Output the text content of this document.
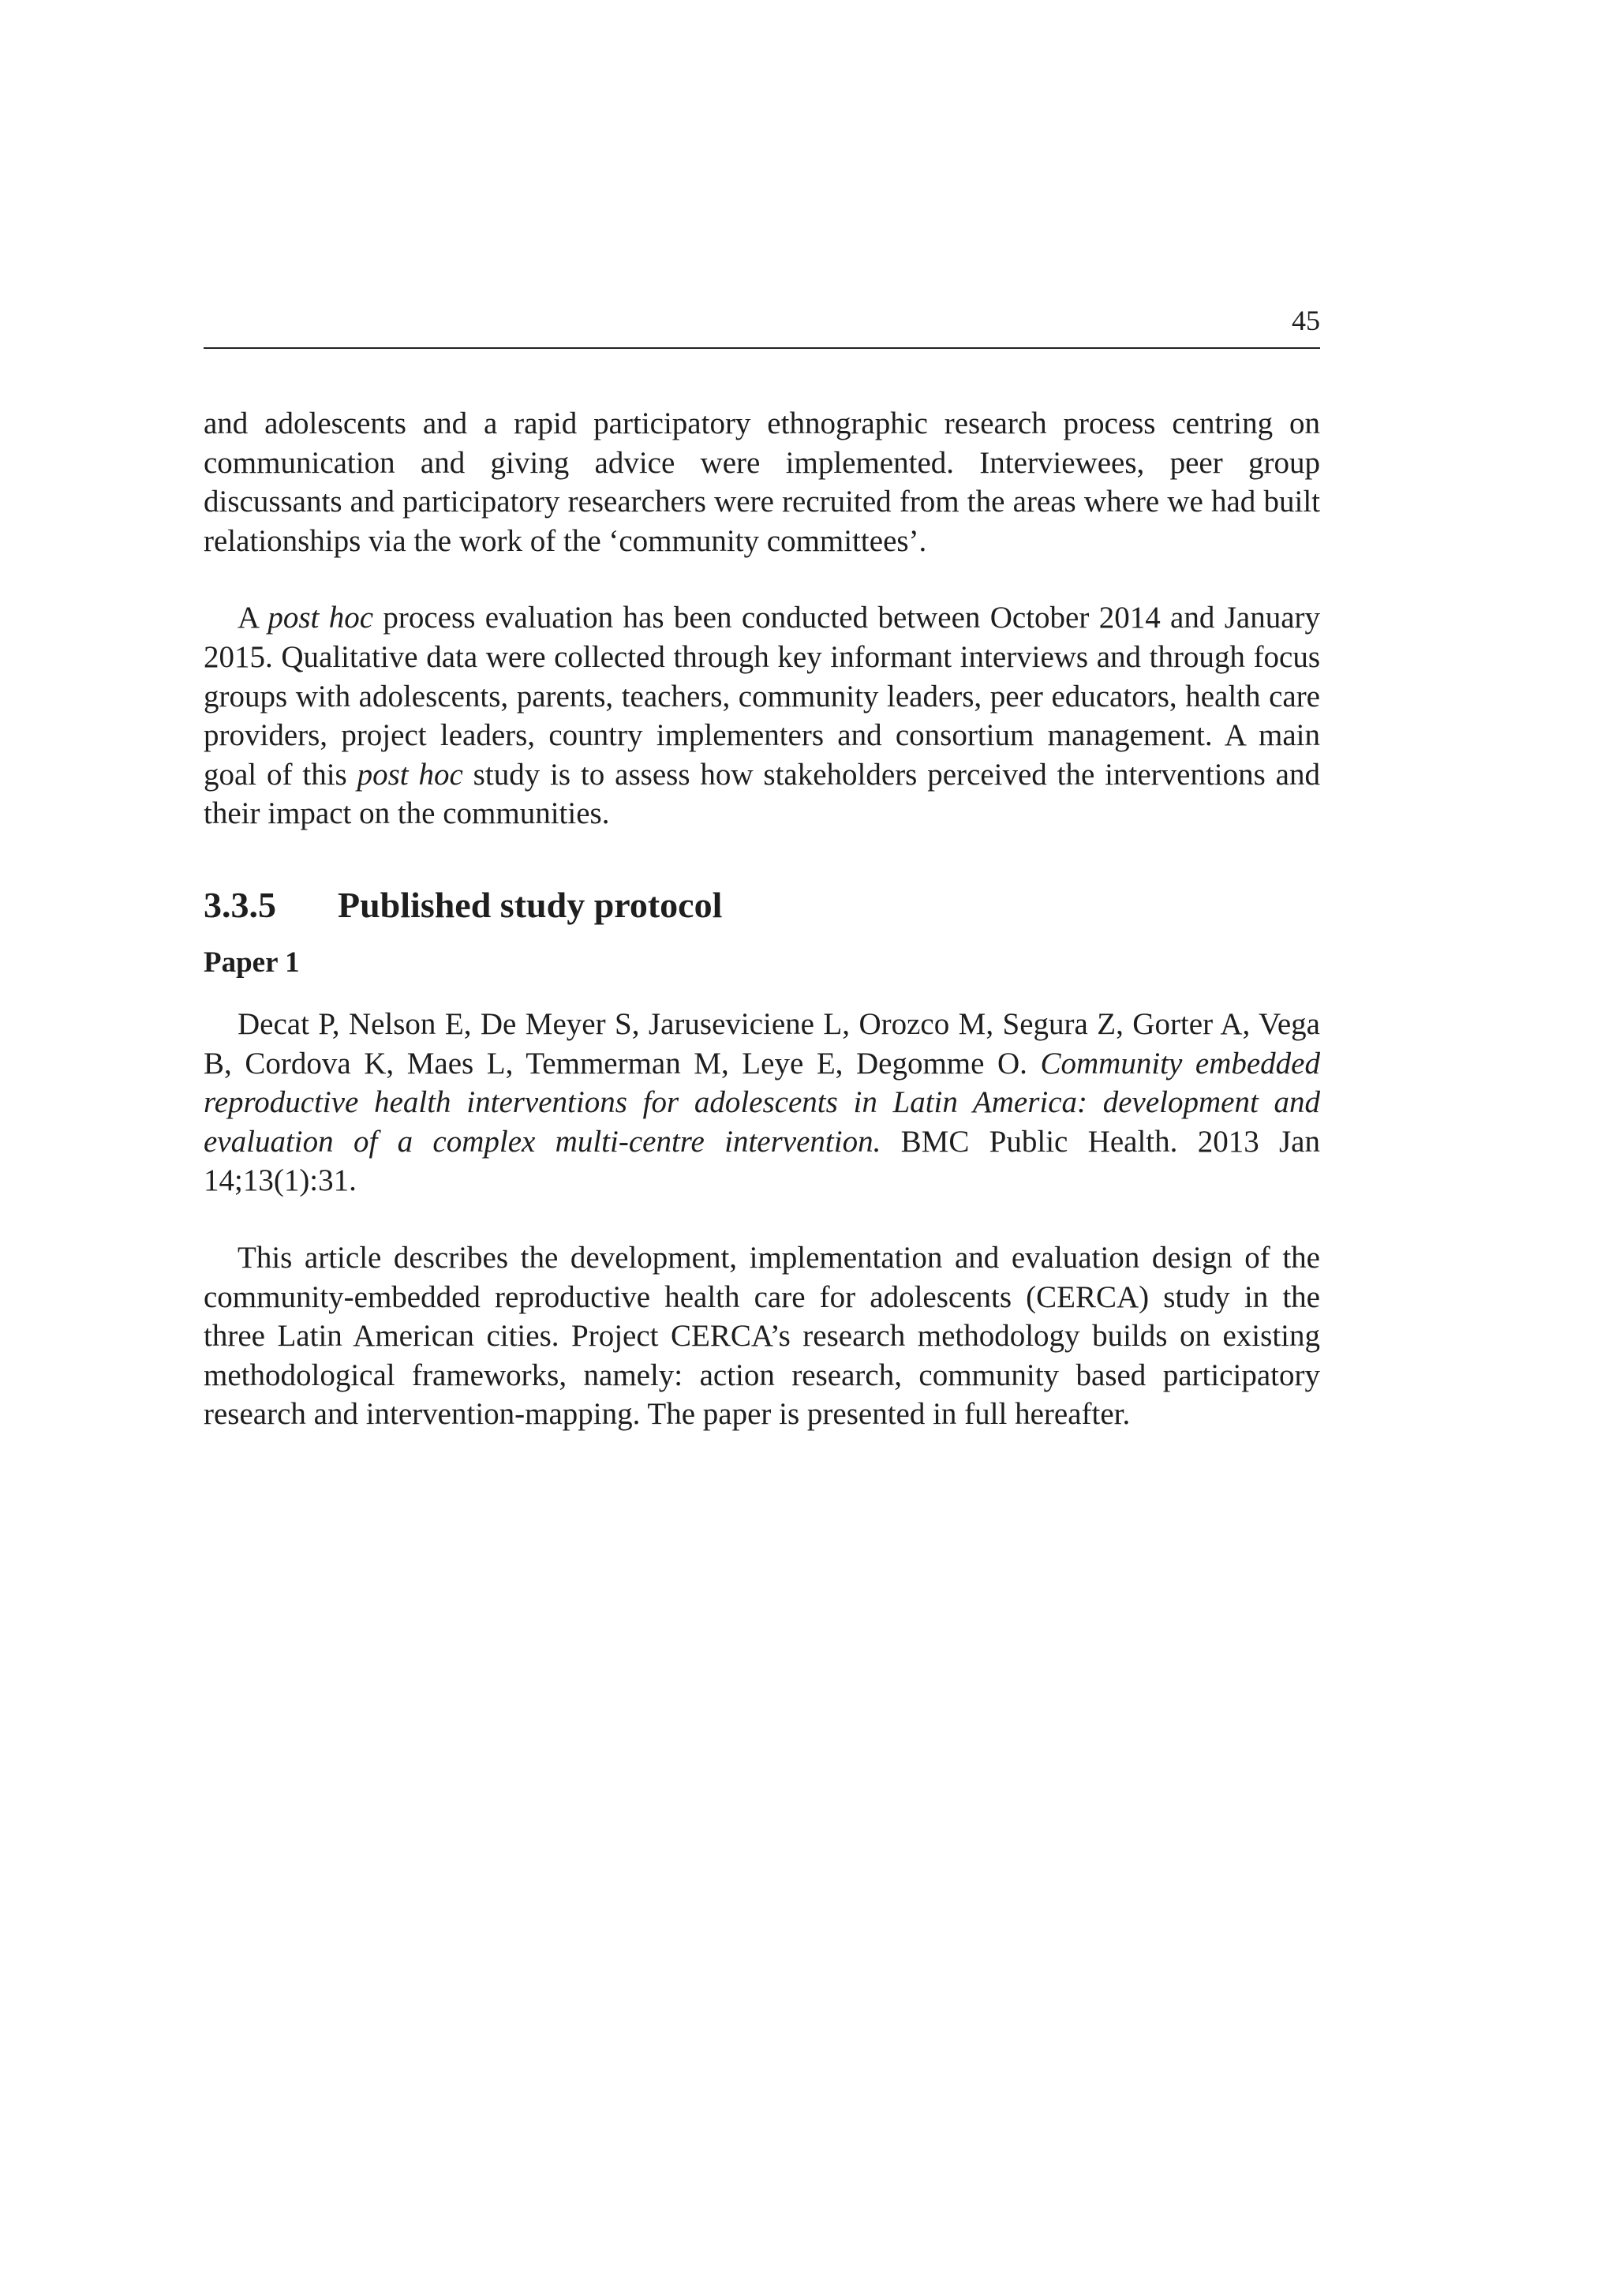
45

and adolescents and a rapid participatory ethnographic research process centring on communication and giving advice were implemented. Interviewees, peer group discussants and participatory researchers were recruited from the areas where we had built relationships via the work of the ‘community committees’.

A post hoc process evaluation has been conducted between October 2014 and January 2015. Qualitative data were collected through key informant interviews and through focus groups with adolescents, parents, teachers, community leaders, peer educators, health care providers, project leaders, country implementers and consortium management. A main goal of this post hoc study is to assess how stakeholders perceived the interventions and their impact on the communities.

3.3.5	Published study protocol
Paper 1

Decat P, Nelson E, De Meyer S, Jaruseviciene L, Orozco M, Segura Z, Gorter A, Vega B, Cordova K, Maes L, Temmerman M, Leye E, Degomme O. Community embedded reproductive health interventions for adolescents in Latin America: development and evaluation of a complex multi-centre intervention. BMC Public Health. 2013 Jan 14;13(1):31.

This article describes the development, implementation and evaluation design of the community-embedded reproductive health care for adolescents (CERCA) study in the three Latin American cities. Project CERCA’s research methodology builds on existing methodological frameworks, namely: action research, community based participatory research and intervention-mapping. The paper is presented in full hereafter.
